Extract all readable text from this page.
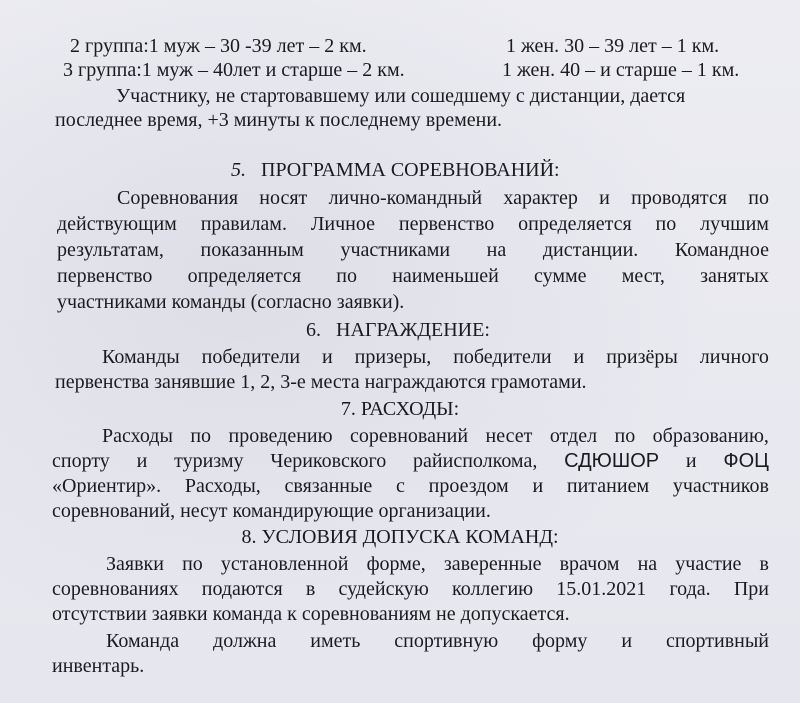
2 группа:1 муж – 30 -39 лет – 2 км.	1 жен. 30 – 39 лет – 1 км.
3 группа:1 муж – 40лет и старше – 2 км.	1 жен. 40 – и старше – 1 км.
Участнику, не стартовавшему или сошедшему с дистанции, дается
последнее время, +3 минуты к последнему времени.
5. ПРОГРАММА СОРЕВНОВАНИЙ:
Соревнования носят лично-командный характер и проводятся по
действующим правилам. Личное первенство определяется по лучшим
результатам, показанным участниками на дистанции. Командное
первенство определяется по наименьшей сумме мест, занятых
участниками команды (согласно заявки).
6. НАГРАЖДЕНИЕ:
Команды победители и призеры, победители и призёры личного
первенства занявшие 1, 2, 3-е места награждаются грамотами.
7. РАСХОДЫ:
Расходы по проведению соревнований несет отдел по образованию,
спорту и туризму Чериковского райисполкома, СДЮШОР и ФОЦ
«Ориентир». Расходы, связанные с проездом и питанием участников
соревнований, несут командирующие организации.
8. УСЛОВИЯ ДОПУСКА КОМАНД:
Заявки по установленной форме, заверенные врачом на участие в
соревнованиях подаются в судейскую коллегию 15.01.2021 года. При
отсутствии заявки команда к соревнованиям не допускается.
Команда должна иметь спортивную форму и спортивный
инвентарь.
